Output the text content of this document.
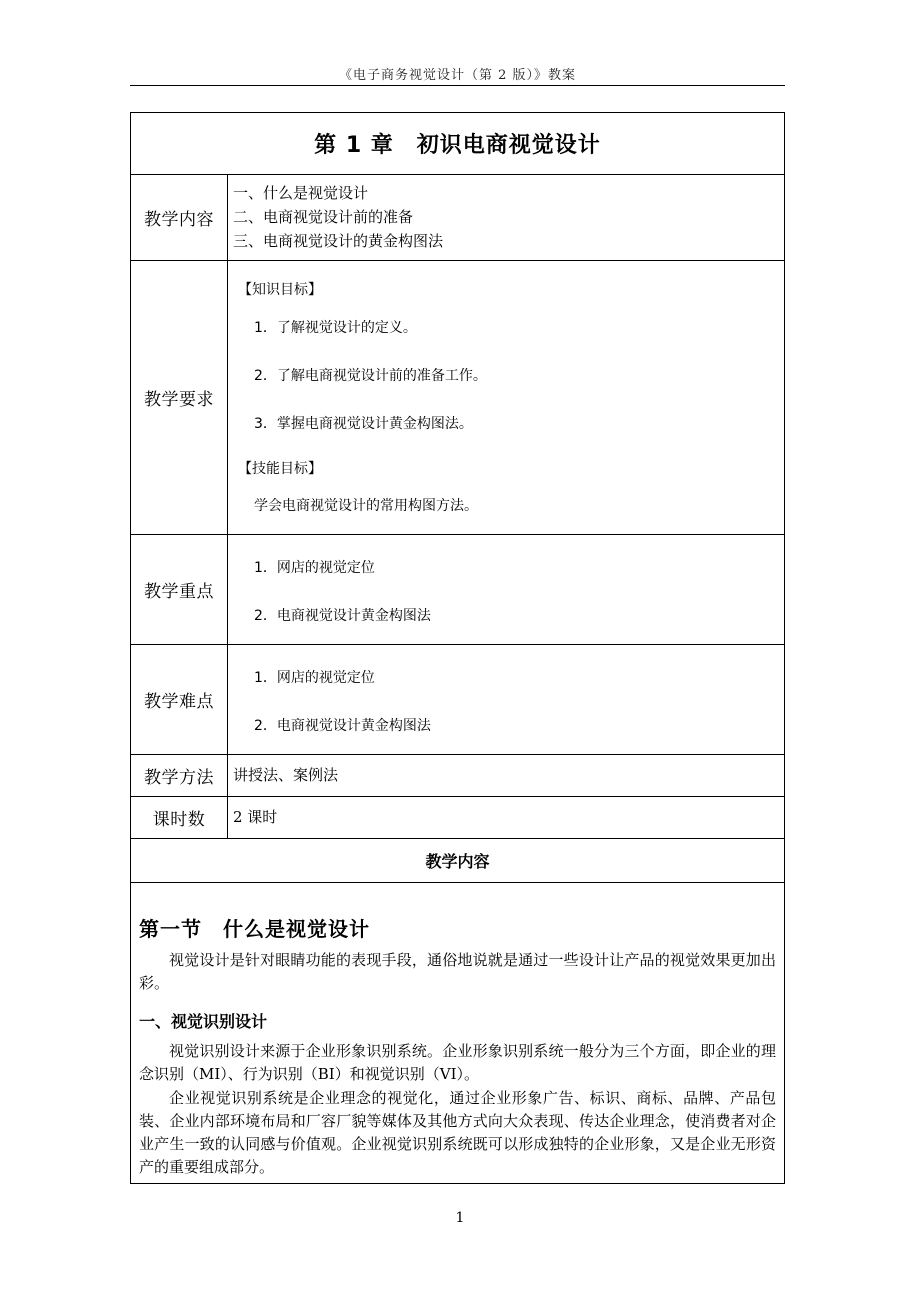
《电子商务视觉设计（第 2 版）》教案
第 1 章　初识电商视觉设计
教学内容
一、什么是视觉设计
二、电商视觉设计前的准备
三、电商视觉设计的黄金构图法
教学要求
【知识目标】
1．了解视觉设计的定义。
2．了解电商视觉设计前的准备工作。
3．掌握电商视觉设计黄金构图法。
【技能目标】
学会电商视觉设计的常用构图方法。
教学重点
1．网店的视觉定位
2．电商视觉设计黄金构图法
教学难点
1．网店的视觉定位
2．电商视觉设计黄金构图法
教学方法	讲授法、案例法
课时数	2 课时
教学内容
第一节　什么是视觉设计
视觉设计是针对眼睛功能的表现手段，通俗地说就是通过一些设计让产品的视觉效果更加出彩。
一、视觉识别设计
视觉识别设计来源于企业形象识别系统。企业形象识别系统一般分为三个方面，即企业的理念识别（MI）、行为识别（BI）和视觉识别（VI）。
企业视觉识别系统是企业理念的视觉化，通过企业形象广告、标识、商标、品牌、产品包装、企业内部环境布局和厂容厂貌等媒体及其他方式向大众表现、传达企业理念，使消费者对企业产生一致的认同感与价值观。企业视觉识别系统既可以形成独特的企业形象，又是企业无形资产的重要组成部分。
1
